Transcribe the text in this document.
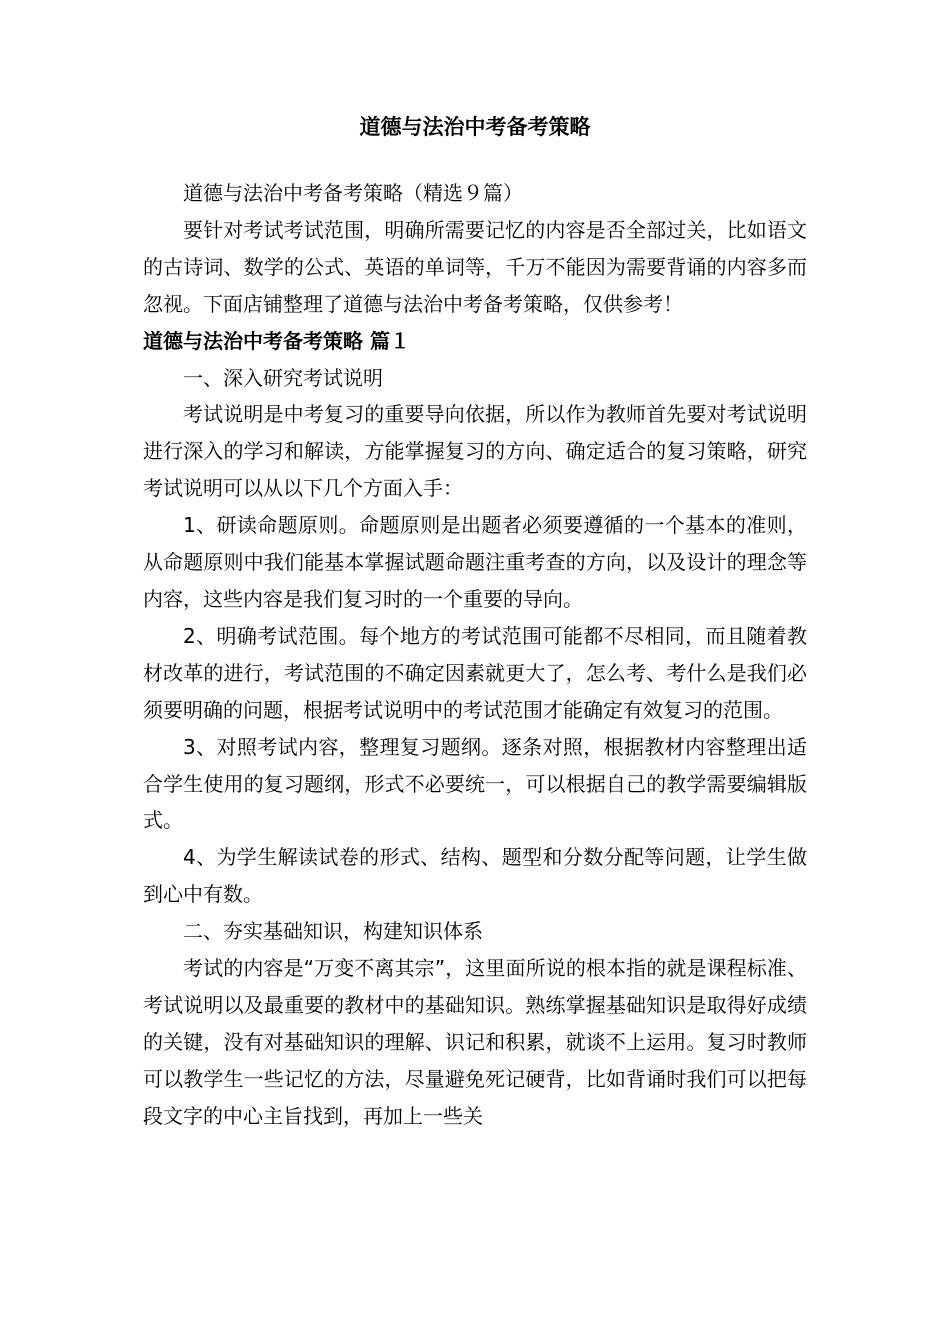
道德与法治中考备考策略

道德与法治中考备考策略（精选９篇）

要针对考试考试范围，明确所需要记忆的内容是否全部过关，比如语文的古诗词、数学的公式、英语的单词等，千万不能因为需要背诵的内容多而忽视。下面店铺整理了道德与法治中考备考策略，仅供参考！

道德与法治中考备考策略 篇１

一、深入研究考试说明

考试说明是中考复习的重要导向依据，所以作为教师首先要对考试说明进行深入的学习和解读，方能掌握复习的方向、确定适合的复习策略，研究考试说明可以从以下几个方面入手：

1、研读命题原则。命题原则是出题者必须要遵循的一个基本的准则，从命题原则中我们能基本掌握试题命题注重考查的方向，以及设计的理念等内容，这些内容是我们复习时的一个重要的导向。

2、明确考试范围。每个地方的考试范围可能都不尽相同，而且随着教材改革的进行，考试范围的不确定因素就更大了，怎么考、考什么是我们必须要明确的问题，根据考试说明中的考试范围才能确定有效复习的范围。

3、对照考试内容，整理复习题纲。逐条对照，根据教材内容整理出适合学生使用的复习题纲，形式不必要统一，可以根据自己的教学需要编辑版式。

4、为学生解读试卷的形式、结构、题型和分数分配等问题，让学生做到心中有数。

二、夯实基础知识，构建知识体系

考试的内容是“万变不离其宗”，这里面所说的根本指的就是课程标准、考试说明以及最重要的教材中的基础知识。熟练掌握基础知识是取得好成绩的关键，没有对基础知识的理解、识记和积累，就谈不上运用。复习时教师可以教学生一些记忆的方法，尽量避免死记硬背，比如背诵时我们可以把每段文字的中心主旨找到，再加上一些关
